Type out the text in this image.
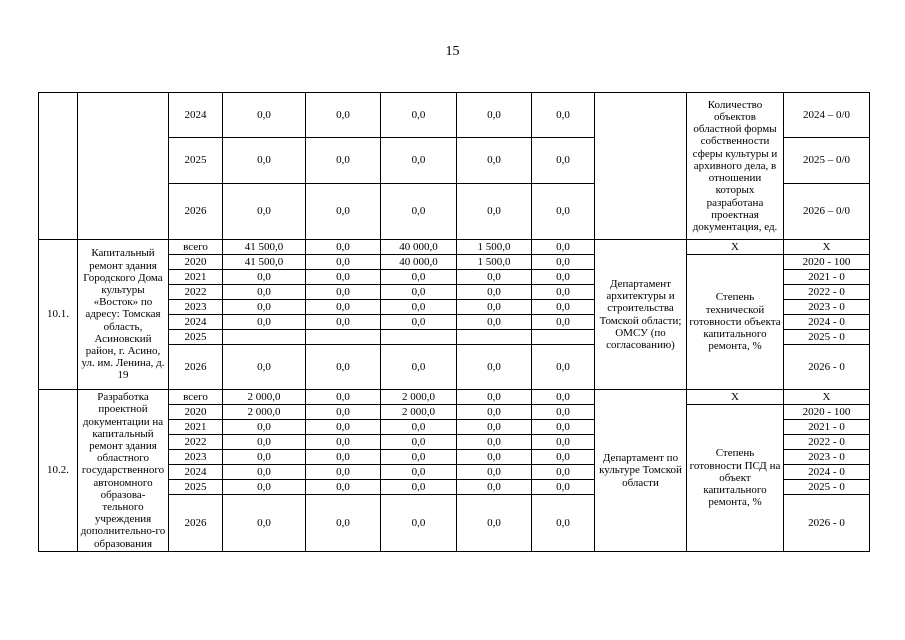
15
		2024	0,0	0,0	0,0	0,0	0,0		Количество объектов областной формы собственности сферы культуры и архивного дела, в отношении которых разработана проектная документация, ед.	2024 – 0/0
		2025	0,0	0,0	0,0	0,0	0,0			2025 – 0/0
		2026	0,0	0,0	0,0	0,0	0,0			2026 – 0/0
10.1.	Капитальный ремонт здания Городского Дома культуры «Восток» по адресу: Томская область, Асиновский район, г. Асино, ул. им. Ленина, д. 19	всего	41 500,0	0,0	40 000,0	1 500,0	0,0	Департамент архитектуры и строительства Томской области; ОМСУ (по согласованию)	Х	Х
		2020	41 500,0	0,0	40 000,0	1 500,0	0,0		Степень технической готовности объекта капитального ремонта, %	2020 - 100
		2021	0,0	0,0	0,0	0,0	0,0			2021 - 0
		2022	0,0	0,0	0,0	0,0	0,0			2022 - 0
		2023	0,0	0,0	0,0	0,0	0,0			2023 - 0
		2024	0,0	0,0	0,0	0,0	0,0			2024 - 0
		2025								2025 - 0
		2026	0,0	0,0	0,0	0,0	0,0			2026 - 0
10.2.	Разработка проектной документации на капитальный ремонт здания областного государственного автономного образова-тельного учреждения дополнительно-го образования	всего	2 000,0	0,0	2 000,0	0,0	0,0	Департамент по культуре Томской области	Х	Х
		2020	2 000,0	0,0	2 000,0	0,0	0,0		Степень готовности ПСД на объект капитального ремонта, %	2020 - 100
		2021	0,0	0,0	0,0	0,0	0,0			2021 - 0
		2022	0,0	0,0	0,0	0,0	0,0			2022 - 0
		2023	0,0	0,0	0,0	0,0	0,0			2023 - 0
		2024	0,0	0,0	0,0	0,0	0,0			2024 - 0
		2025	0,0	0,0	0,0	0,0	0,0			2025 - 0
		2026	0,0	0,0	0,0	0,0	0,0			2026 - 0
